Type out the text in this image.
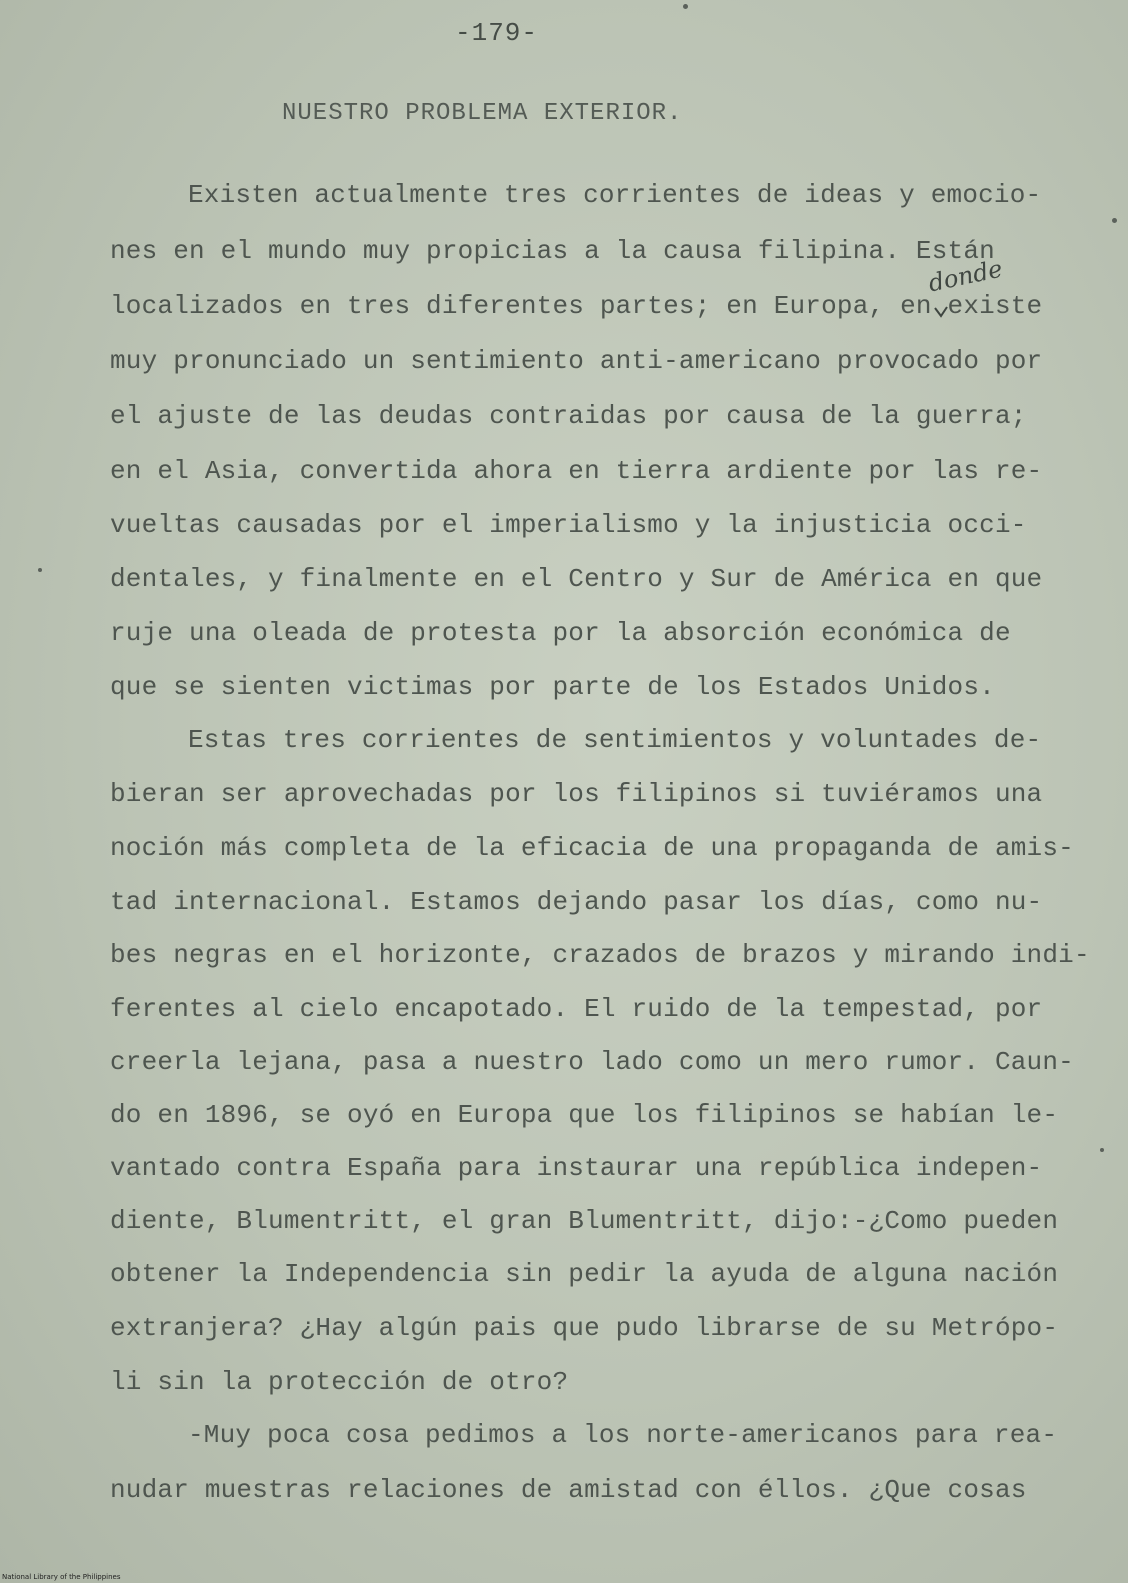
-179-
NUESTRO PROBLEMA EXTERIOR.
Existen actualmente tres corrientes de ideas y emocio-
nes en el mundo muy propicias a la causa filipina. Están
localizados en tres diferentes partes; en Europa, en existe
muy pronunciado un sentimiento anti-americano provocado por
el ajuste de las deudas contraidas por causa de la guerra;
en el Asia, convertida ahora en tierra ardiente por las re-
vueltas causadas por el imperialismo y la injusticia occi-
dentales, y finalmente en el Centro y Sur de América en que
ruje una oleada de protesta por la absorción económica de
que se sienten victimas por parte de los Estados Unidos.
Estas tres corrientes de sentimientos y voluntades de-
bieran ser aprovechadas por los filipinos si tuviéramos una
noción más completa de la eficacia de una propaganda de amis-
tad internacional. Estamos dejando pasar los días, como nu-
bes negras en el horizonte, crazados de brazos y mirando indi-
ferentes al cielo encapotado. El ruido de la tempestad, por
creerla lejana, pasa a nuestro lado como un mero rumor. Caun-
do en 1896, se oyó en Europa que los filipinos se habían le-
vantado contra España para instaurar una república indepen-
diente, Blumentritt, el gran Blumentritt, dijo:-¿Como pueden
obtener la Independencia sin pedir la ayuda de alguna nación
extranjera? ¿Hay algún pais que pudo librarse de su Metrópo-
li sin la protección de otro?
-Muy poca cosa pedimos a los norte-americanos para rea-
nudar muestras relaciones de amistad con éllos. ¿Que cosas
donde
National Library of the Philippines
